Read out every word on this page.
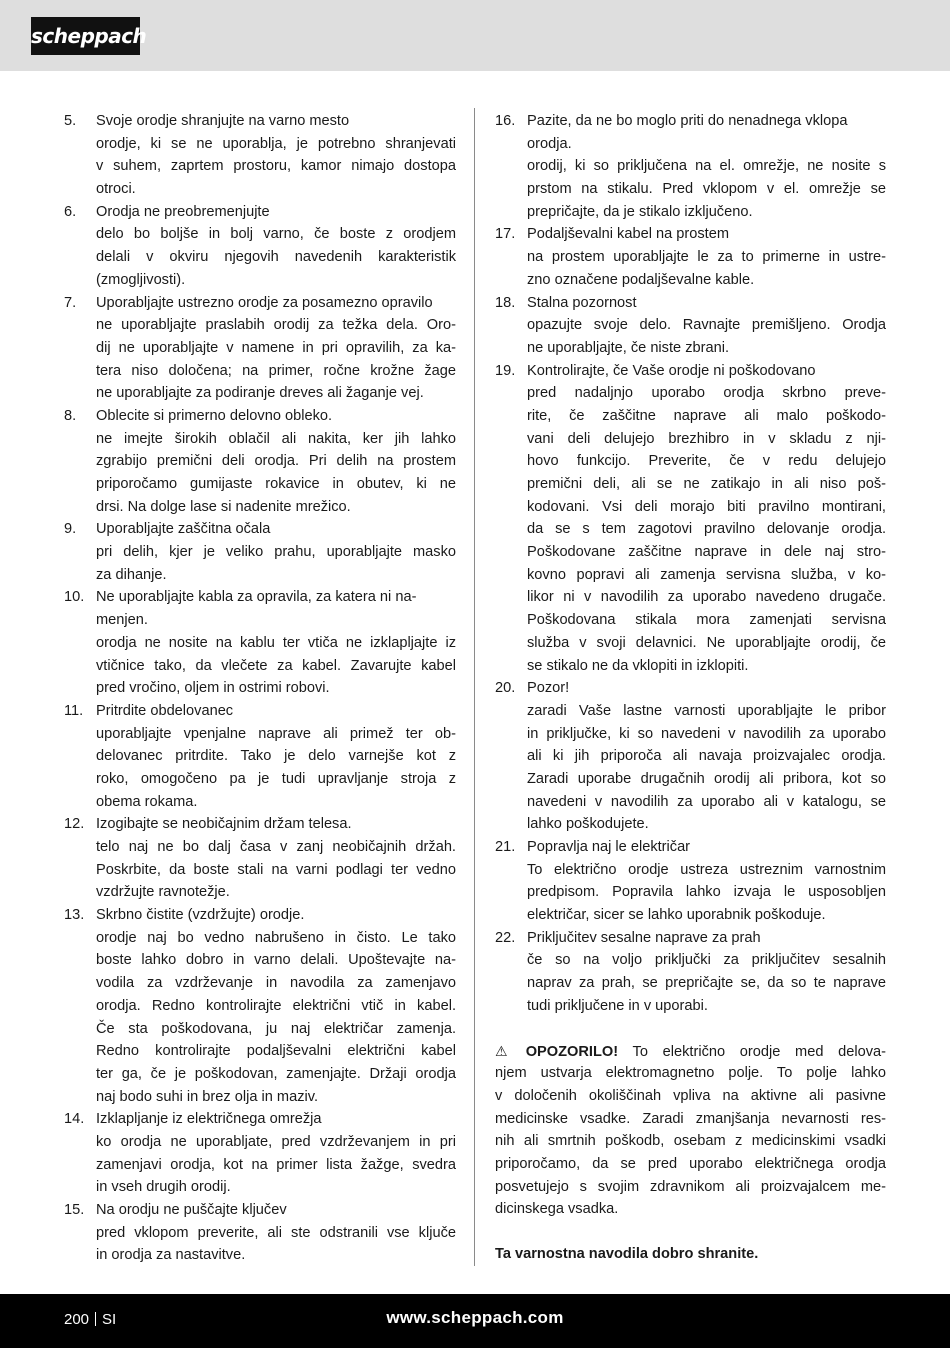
scheppach
5.	Svoje orodje shranjujte na varno mesto
orodje, ki se ne uporablja, je potrebno shranjevati
v suhem, zaprtem prostoru, kamor nimajo dostopa
otroci.
6.	Orodja ne preobremenjujte
delo bo boljše in bolj varno, če boste z orodjem
delali v okviru njegovih navedenih karakteristik
(zmogljivosti).
7.	Uporabljajte ustrezno orodje za posamezno opravilo
ne uporabljajte praslabih orodij za težka dela. Oro-
dij ne uporabljajte v namene in pri opravilih, za ka-
tera niso določena; na primer, ročne krožne žage
ne uporabljajte za podiranje dreves ali žaganje vej.
8.	Oblecite si primerno delovno obleko.
ne imejte širokih oblačil ali nakita, ker jih lahko
zgrabijo premični deli orodja. Pri delih na prostem
priporočamo gumijaste rokavice in obutev, ki ne
drsi. Na dolge lase si nadenite mrežico.
9.	Uporabljajte zaščitna očala
pri delih, kjer je veliko prahu, uporabljajte masko
za dihanje.
10. Ne uporabljajte kabla za opravila, za katera ni na-
menjen.
orodja ne nosite na kablu ter vtiča ne izklapljajte iz
vtičnice tako, da vlečete za kabel. Zavarujte kabel
pred vročino, oljem in ostrimi robovi.
11. Pritrdite obdelovanec
uporabljajte vpenjalne naprave ali primež ter ob-
delovanec pritrdite. Tako je delo varnejše kot z
roko, omogočeno pa je tudi upravljanje stroja z
obema rokama.
12. Izogibajte se neobičajnim držam telesa.
telo naj ne bo dalj časa v zanj neobičajnih držah.
Poskrbite, da boste stali na varni podlagi ter vedno
vzdržujte ravnotežje.
13. Skrbno čistite (vzdržujte) orodje.
orodje naj bo vedno nabrušeno in čisto. Le tako
boste lahko dobro in varno delali. Upoštevajte na-
vodila za vzdrževanje in navodila za zamenjavo
orodja. Redno kontrolirajte električni vtič in kabel.
Če sta poškodovana, ju naj električar zamenja.
Redno kontrolirajte podaljševalni električni kabel
ter ga, če je poškodovan, zamenjajte. Držaji orodja
naj bodo suhi in brez olja in maziv.
14. Izklapljanje iz električnega omrežja
ko orodja ne uporabljate, pred vzdrževanjem in pri
zamenjavi orodja, kot na primer lista žažge, svedra
in vseh drugih orodij.
15. Na orodju ne puščajte ključev
pred vklopom preverite, ali ste odstranili vse ključe
in orodja za nastavitve.
16. Pazite, da ne bo moglo priti do nenadnega vklopa
orodja.
orodij, ki so priključena na el. omrežje, ne nosite s
prstom na stikalu. Pred vklopom v el. omrežje se
prepričajte, da je stikalo izključeno.
17. Podaljševalni kabel na prostem
na prostem uporabljajte le za to primerne in ustre-
zno označene podaljševalne kable.
18. Stalna pozornost
opazujte svoje delo. Ravnajte premišljeno. Orodja
ne uporabljajte, če niste zbrani.
19. Kontrolirajte, če Vaše orodje ni poškodovano
pred nadaljnjo uporabo orodja skrbno preve-
rite, če zaščitne naprave ali malo poškodo-
vani deli delujejo brezhibro in v skladu z nji-
hovo funkcijo. Preverite, če v redu delujejo
premični deli, ali se ne zatikajo in ali niso poš-
kodovani. Vsi deli morajo biti pravilno montirani,
da se s tem zagotovi pravilno delovanje orodja.
Poškodovane zaščitne naprave in dele naj stro-
kovno popravi ali zamenja servisna služba, v ko-
likor ni v navodilih za uporabo navedeno drugače.
Poškodovana stikala mora zamenjati servisna
služba v svoji delavnici. Ne uporabljajte orodij, če
se stikalo ne da vklopiti in izklopiti.
20. Pozor!
zaradi Vaše lastne varnosti uporabljajte le pribor
in priključke, ki so navedeni v navodilih za uporabo
ali ki jih priporoča ali navaja proizvajalec orodja.
Zaradi uporabe drugačnih orodij ali pribora, kot so
navedeni v navodilih za uporabo ali v katalogu, se
lahko poškodujete.
21. Popravlja naj le električar
To električno orodje ustreza ustreznim varnostnim
predpisom. Popravila lahko izvaja le usposobljen
električar, sicer se lahko uporabnik poškoduje.
22. Priključitev sesalne naprave za prah
če so na voljo priključki za priključitev sesalnih
naprav za prah, se prepričajte se, da so te naprave
tudi priključene in v uporabi.
⚠ OPOZORILO! To električno orodje med delova-
njem ustvarja elektromagnetno polje. To polje lahko
v določenih okoliščinah vpliva na aktivne ali pasivne
medicinske vsadke. Zaradi zmanjšanja nevarnosti res-
nih ali smrtnih poškodb, osebam z medicinskimi vsadki
priporočamo, da se pred uporabo električnega orodja
posvetujejo s svojim zdravnikom ali proizvajalcem me-
dicinskega vsadka.
Ta varnostna navodila dobro shranite.
200 SI	www.scheppach.com
